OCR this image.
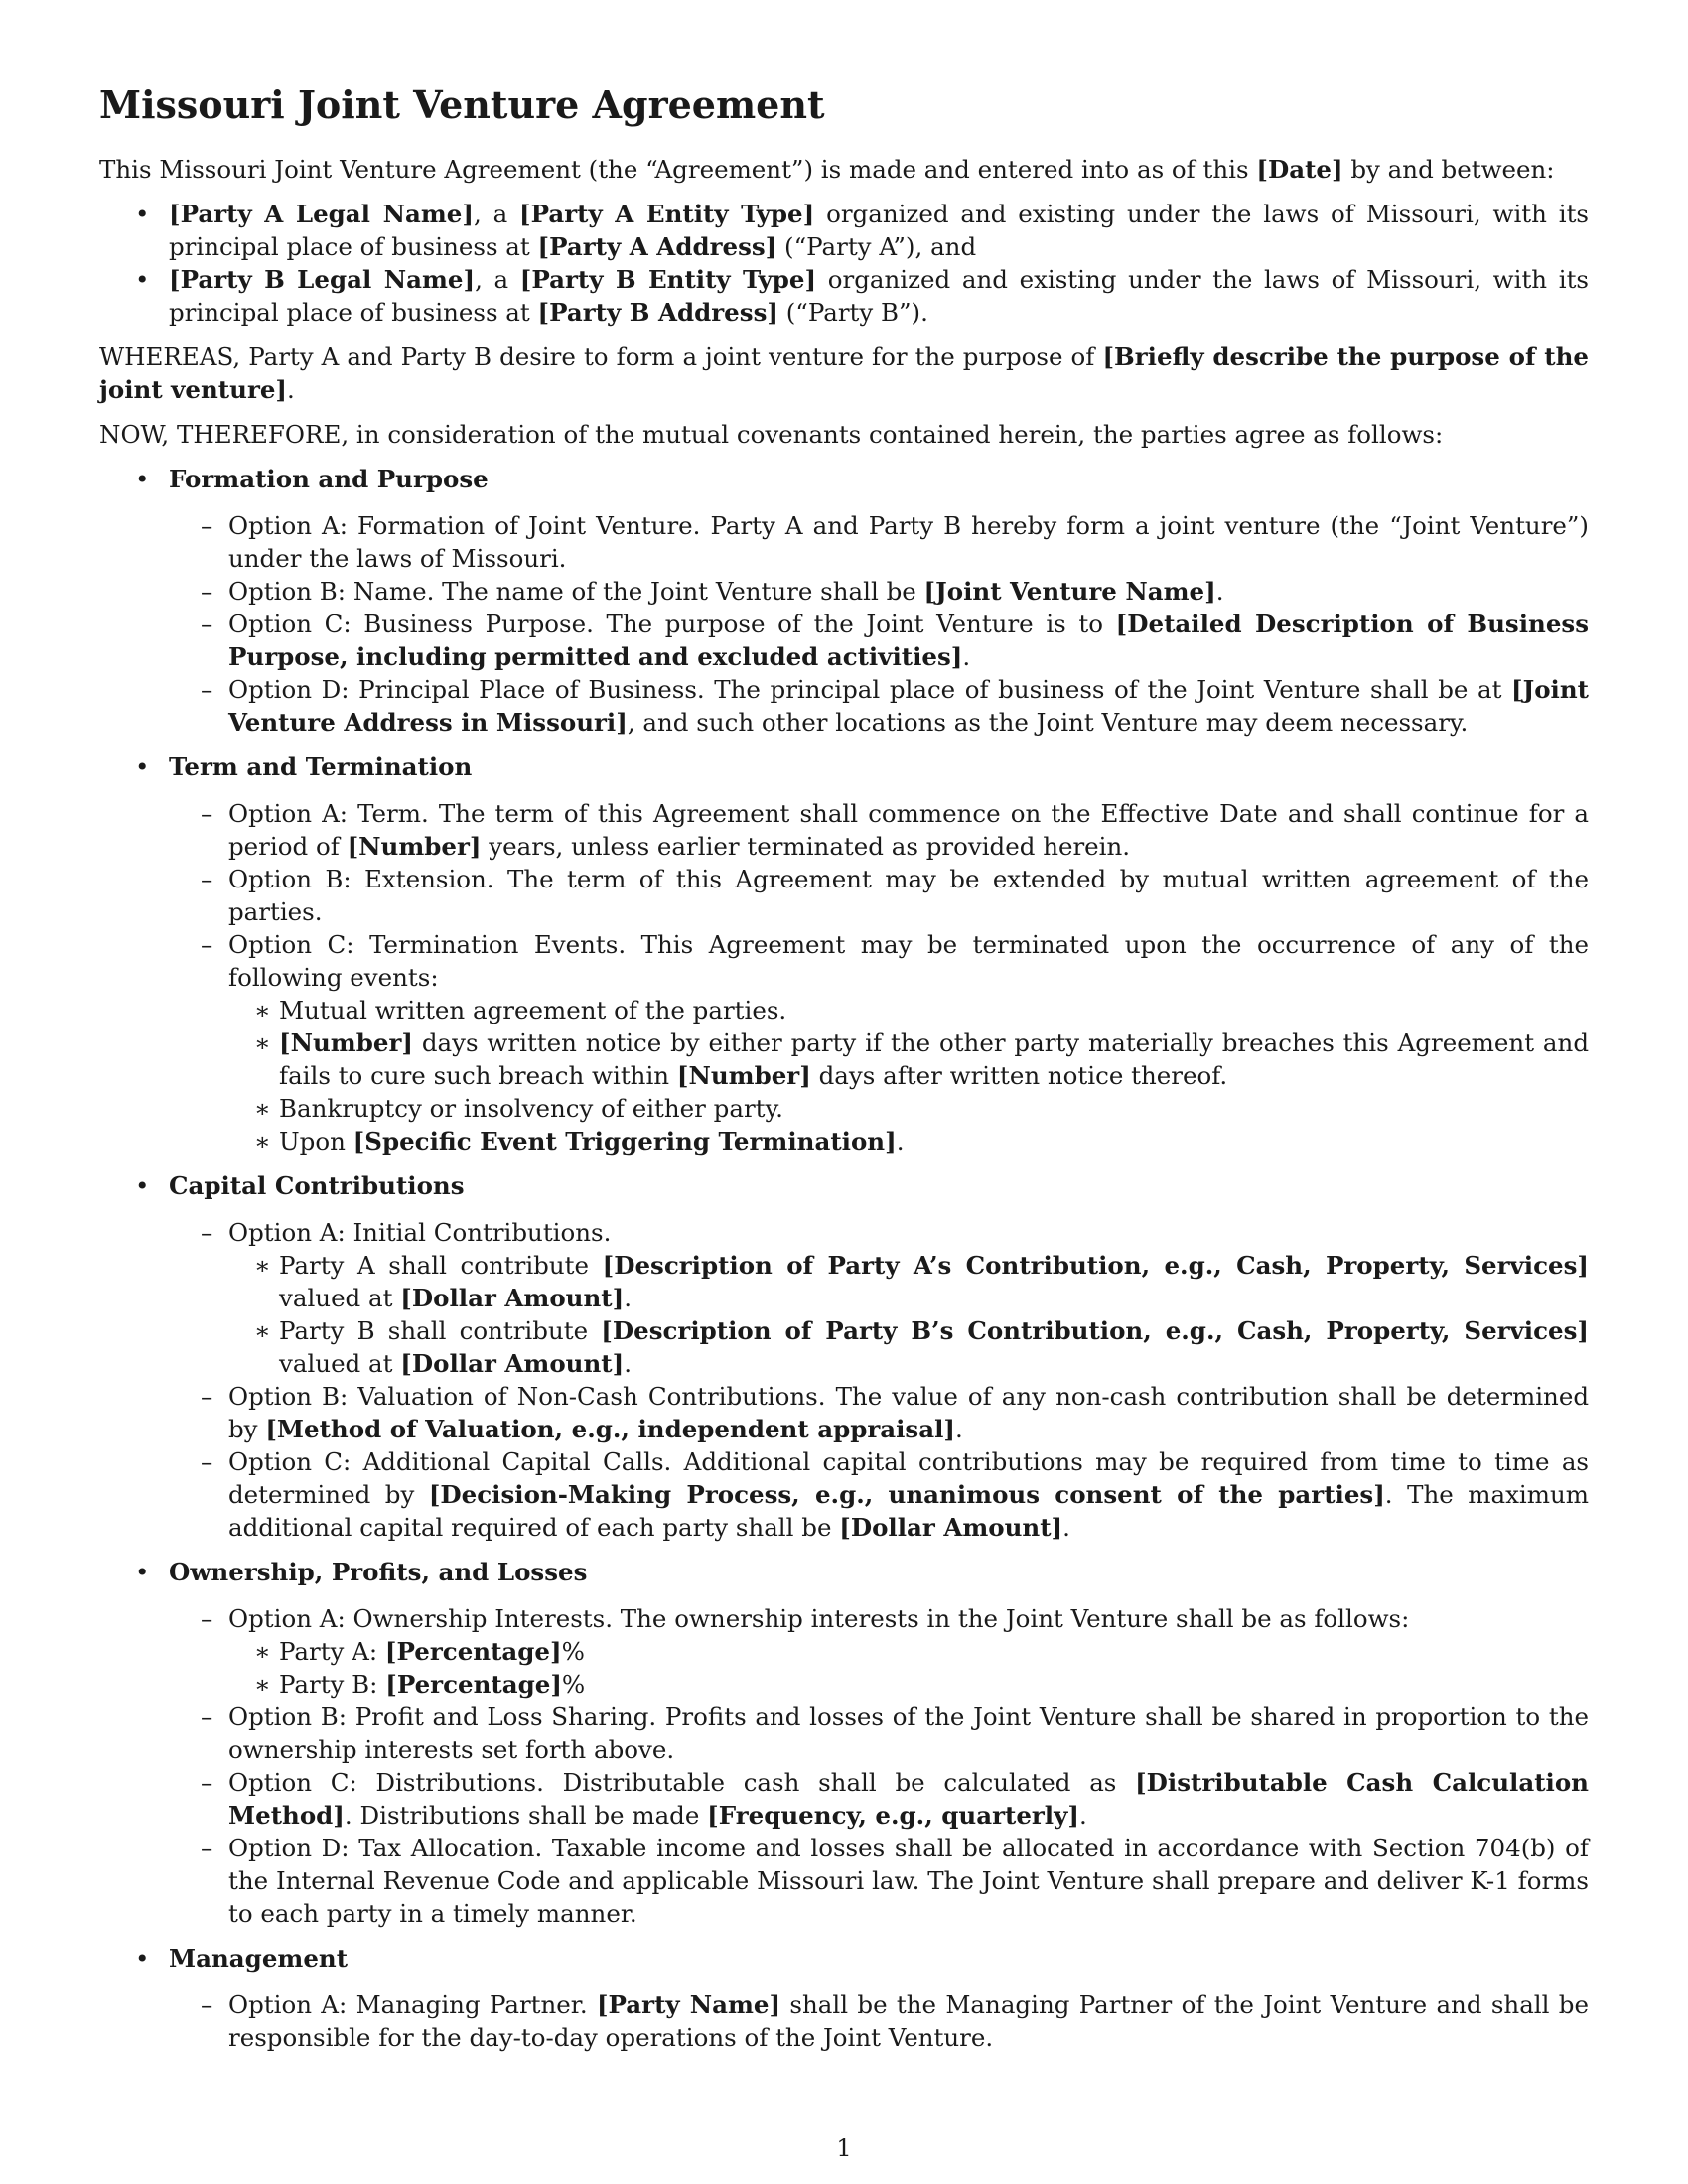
Missouri Joint Venture Agreement

This Missouri Joint Venture Agreement (the “Agreement”) is made and entered into as of this [Date] by and between:

• [Party A Legal Name], a [Party A Entity Type] organized and existing under the laws of Missouri, with its principal place of business at [Party A Address] (“Party A”), and
• [Party B Legal Name], a [Party B Entity Type] organized and existing under the laws of Missouri, with its principal place of business at [Party B Address] (“Party B”).

WHEREAS, Party A and Party B desire to form a joint venture for the purpose of [Briefly describe the purpose of the joint venture].

NOW, THEREFORE, in consideration of the mutual covenants contained herein, the parties agree as follows:

• Formation and Purpose
– Option A: Formation of Joint Venture. Party A and Party B hereby form a joint venture (the “Joint Venture”) under the laws of Missouri.
– Option B: Name. The name of the Joint Venture shall be [Joint Venture Name].
– Option C: Business Purpose. The purpose of the Joint Venture is to [Detailed Description of Business Purpose, including permitted and excluded activities].
– Option D: Principal Place of Business. The principal place of business of the Joint Venture shall be at [Joint Venture Address in Missouri], and such other locations as the Joint Venture may deem necessary.
• Term and Termination
– Option A: Term. The term of this Agreement shall commence on the Effective Date and shall continue for a period of [Number] years, unless earlier terminated as provided herein.
– Option B: Extension. The term of this Agreement may be extended by mutual written agreement of the parties.
– Option C: Termination Events. This Agreement may be terminated upon the occurrence of any of the following events:
∗ Mutual written agreement of the parties.
∗ [Number] days written notice by either party if the other party materially breaches this Agreement and fails to cure such breach within [Number] days after written notice thereof.
∗ Bankruptcy or insolvency of either party.
∗ Upon [Specific Event Triggering Termination].
• Capital Contributions
– Option A: Initial Contributions.
∗ Party A shall contribute [Description of Party A’s Contribution, e.g., Cash, Property, Services] valued at [Dollar Amount].
∗ Party B shall contribute [Description of Party B’s Contribution, e.g., Cash, Property, Services] valued at [Dollar Amount].
– Option B: Valuation of Non-Cash Contributions. The value of any non-cash contribution shall be determined by [Method of Valuation, e.g., independent appraisal].
– Option C: Additional Capital Calls. Additional capital contributions may be required from time to time as determined by [Decision-Making Process, e.g., unanimous consent of the parties]. The maximum additional capital required of each party shall be [Dollar Amount].
• Ownership, Profits, and Losses
– Option A: Ownership Interests. The ownership interests in the Joint Venture shall be as follows:
∗ Party A: [Percentage]%
∗ Party B: [Percentage]%
– Option B: Profit and Loss Sharing. Profits and losses of the Joint Venture shall be shared in proportion to the ownership interests set forth above.
– Option C: Distributions. Distributable cash shall be calculated as [Distributable Cash Calculation Method]. Distributions shall be made [Frequency, e.g., quarterly].
– Option D: Tax Allocation. Taxable income and losses shall be allocated in accordance with Section 704(b) of the Internal Revenue Code and applicable Missouri law. The Joint Venture shall prepare and deliver K-1 forms to each party in a timely manner.
• Management
– Option A: Managing Partner. [Party Name] shall be the Managing Partner of the Joint Venture and shall be responsible for the day-to-day operations of the Joint Venture.
1
